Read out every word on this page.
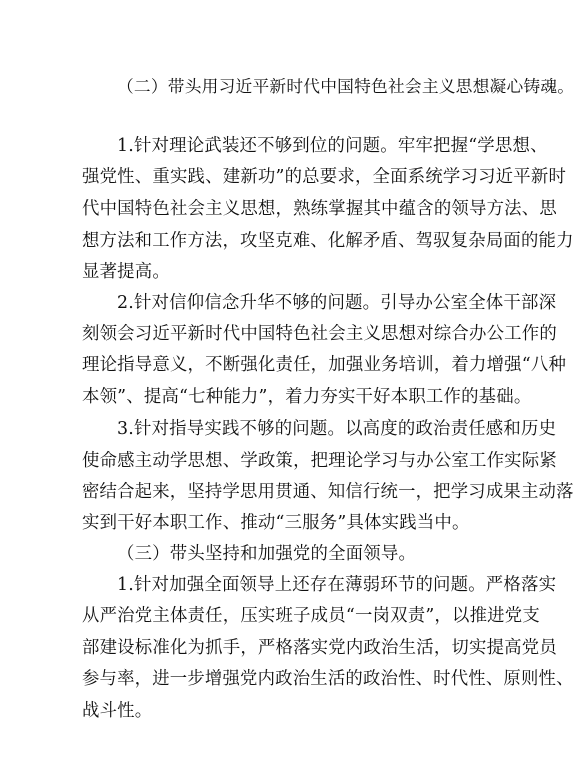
（二）带头用习近平新时代中国特色社会主义思想凝心铸魂。
1.针对理论武装还不够到位的问题。牢牢把握“学思想、
强党性、重实践、建新功”的总要求，全面系统学习习近平新时
代中国特色社会主义思想，熟练掌握其中蕴含的领导方法、思
想方法和工作方法，攻坚克难、化解矛盾、驾驭复杂局面的能力
显著提高。
2.针对信仰信念升华不够的问题。引导办公室全体干部深
刻领会习近平新时代中国特色社会主义思想对综合办公工作的
理论指导意义，不断强化责任，加强业务培训，着力增强“八种
本领”、提高“七种能力”，着力夯实干好本职工作的基础。
3.针对指导实践不够的问题。以高度的政治责任感和历史
使命感主动学思想、学政策，把理论学习与办公室工作实际紧
密结合起来，坚持学思用贯通、知信行统一，把学习成果主动落
实到干好本职工作、推动“三服务”具体实践当中。
（三）带头坚持和加强党的全面领导。
1.针对加强全面领导上还存在薄弱环节的问题。严格落实
从严治党主体责任，压实班子成员“一岗双责”，以推进党支
部建设标准化为抓手，严格落实党内政治生活，切实提高党员
参与率，进一步增强党内政治生活的政治性、时代性、原则性、
战斗性。
